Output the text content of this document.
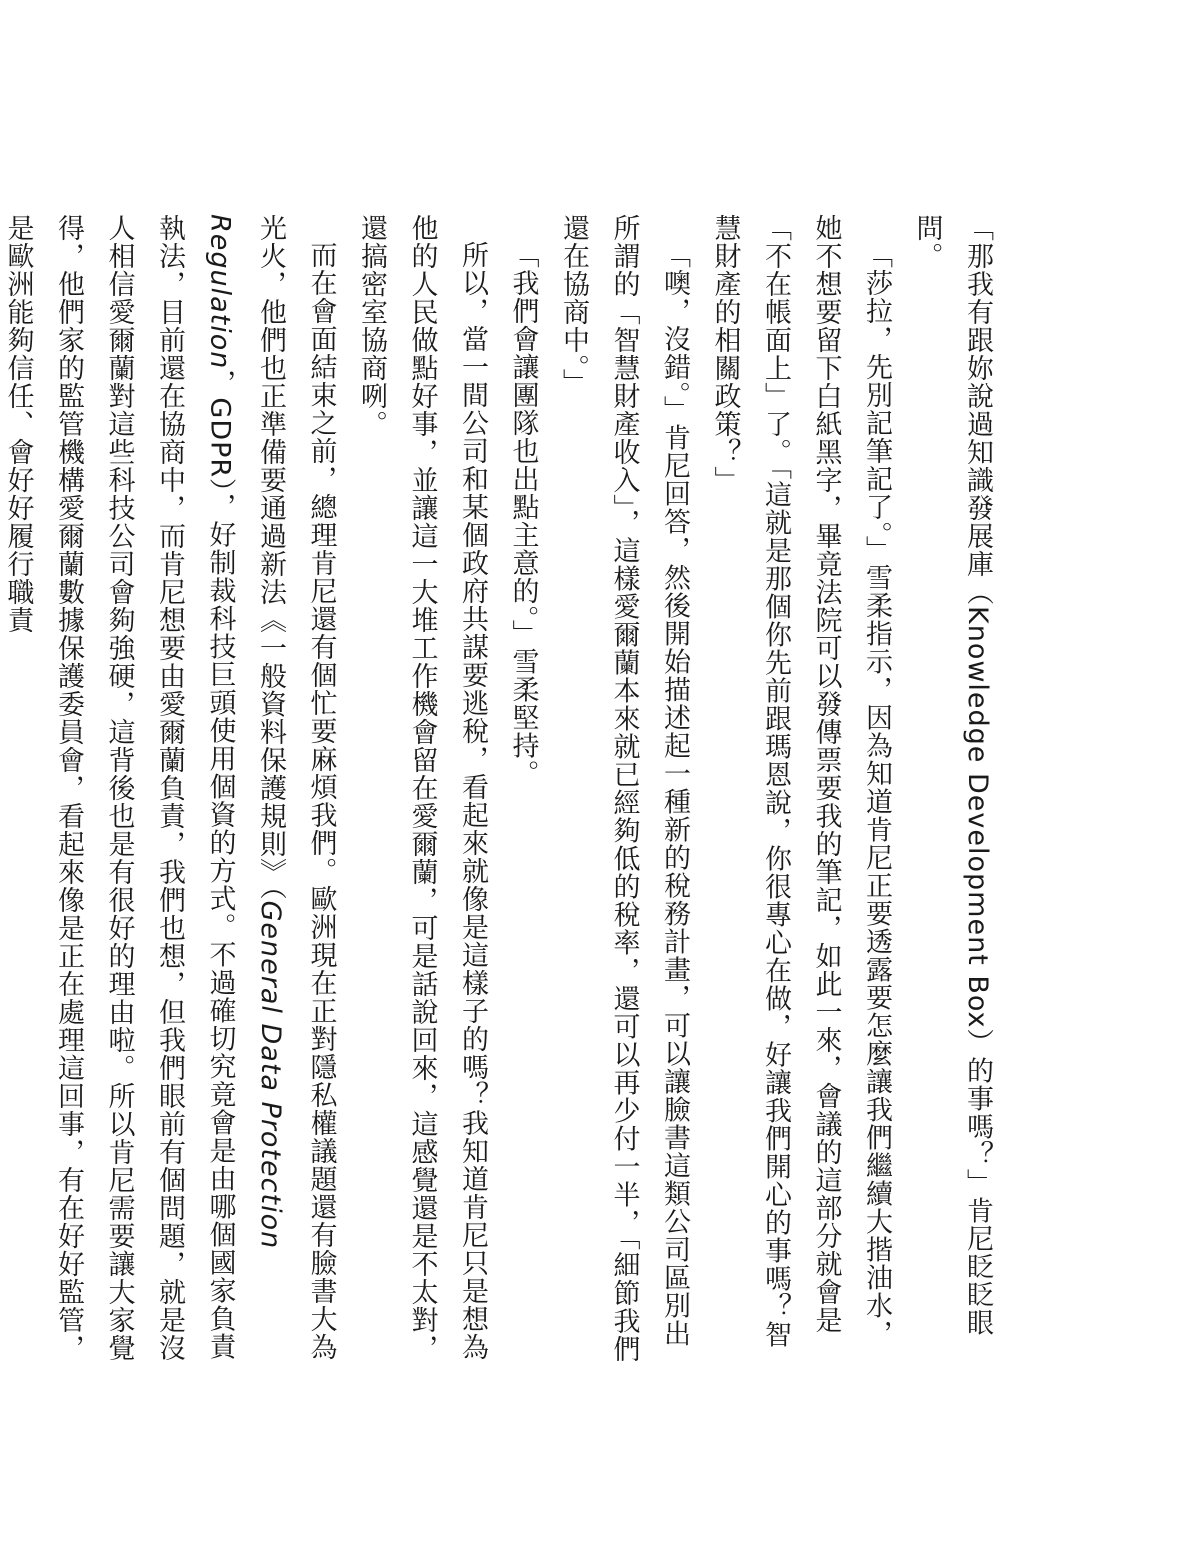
「那我有跟妳說過知識發展庫（Knowledge Development Box）的事嗎？」肯尼眨眨眼問。

「莎拉，先別記筆記了。」雪柔指示，因為知道肯尼正要透露要怎麼讓我們繼續大揩油水，她不想要留下白紙黑字，畢竟法院可以發傳票要我的筆記，如此一來，會議的這部分就會是「不在帳面上」了。「這就是那個你先前跟瑪恩說，你很專心在做，好讓我們開心的事嗎？智慧財產的相關政策？」

「噢，沒錯。」肯尼回答，然後開始描述起一種新的稅務計畫，可以讓臉書這類公司區別出所謂的「智慧財產收入」，這樣愛爾蘭本來就已經夠低的稅率，還可以再少付一半，「細節我們還在協商中。」

「我們會讓團隊也出點主意的。」雪柔堅持。

所以，當一間公司和某個政府共謀要逃稅，看起來就像是這樣子的嗎？我知道肯尼只是想為他的人民做點好事，並讓這一大堆工作機會留在愛爾蘭，可是話說回來，這感覺還是不太對，還搞密室協商咧。

而在會面結束之前，總理肯尼還有個忙要麻煩我們。歐洲現在正對隱私權議題還有臉書大為光火，他們也正準備要通過新法《一般資料保護規則》（General Data Protection Regulation，GDPR），好制裁科技巨頭使用個資的方式。不過確切究竟會是由哪個國家負責執法，目前還在協商中，而肯尼想要由愛爾蘭負責，我們也想，但我們眼前有個問題，就是沒人相信愛爾蘭對這些科技公司會夠強硬，這背後也是有很好的理由啦。所以肯尼需要讓大家覺得，他們家的監管機構愛爾蘭數據保護委員會，看起來像是正在處理這回事，有在好好監管，是歐洲能夠信任、會好好履行職責
